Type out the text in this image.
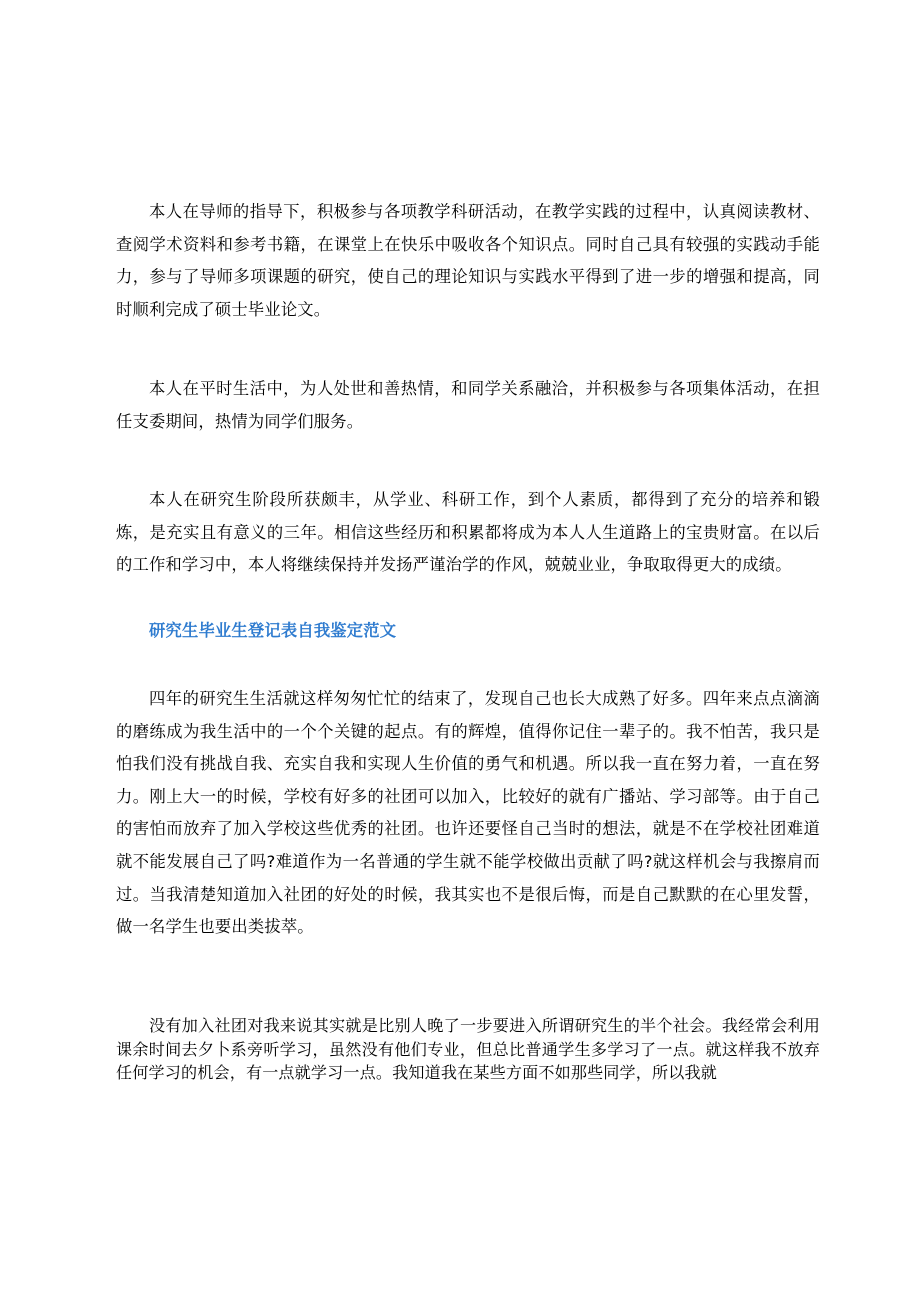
本人在导师的指导下，积极参与各项教学科研活动，在教学实践的过程中，认真阅读教材、查阅学术资料和参考书籍，在课堂上在快乐中吸收各个知识点。同时自己具有较强的实践动手能力，参与了导师多项课题的研究，使自己的理论知识与实践水平得到了进一步的增强和提高，同时顺利完成了硕士毕业论文。

本人在平时生活中，为人处世和善热情，和同学关系融洽，并积极参与各项集体活动，在担任支委期间，热情为同学们服务。

本人在研究生阶段所获颇丰，从学业、科研工作，到个人素质，都得到了充分的培养和锻炼，是充实且有意义的三年。相信这些经历和积累都将成为本人人生道路上的宝贵财富。在以后的工作和学习中，本人将继续保持并发扬严谨治学的作风，兢兢业业，争取取得更大的成绩。

研究生毕业生登记表自我鉴定范文

四年的研究生生活就这样匆匆忙忙的结束了，发现自己也长大成熟了好多。四年来点点滴滴的磨练成为我生活中的一个个关键的起点。有的辉煌，值得你记住一辈子的。我不怕苦，我只是怕我们没有挑战自我、充实自我和实现人生价值的勇气和机遇。所以我一直在努力着，一直在努力。刚上大一的时候，学校有好多的社团可以加入，比较好的就有广播站、学习部等。由于自己的害怕而放弃了加入学校这些优秀的社团。也许还要怪自己当时的想法，就是不在学校社团难道就不能发展自己了吗?难道作为一名普通的学生就不能学校做出贡献了吗?就这样机会与我擦肩而过。当我清楚知道加入社团的好处的时候，我其实也不是很后悔，而是自己默默的在心里发誓，做一名学生也要出类拔萃。

没有加入社团对我来说其实就是比别人晚了一步要进入所谓研究生的半个社会。我经常会利用课余时间去夕卜系旁听学习，虽然没有他们专业，但总比普通学生多学习了一点。就这样我不放弃任何学习的机会，有一点就学习一点。我知道我在某些方面不如那些同学，所以我就
